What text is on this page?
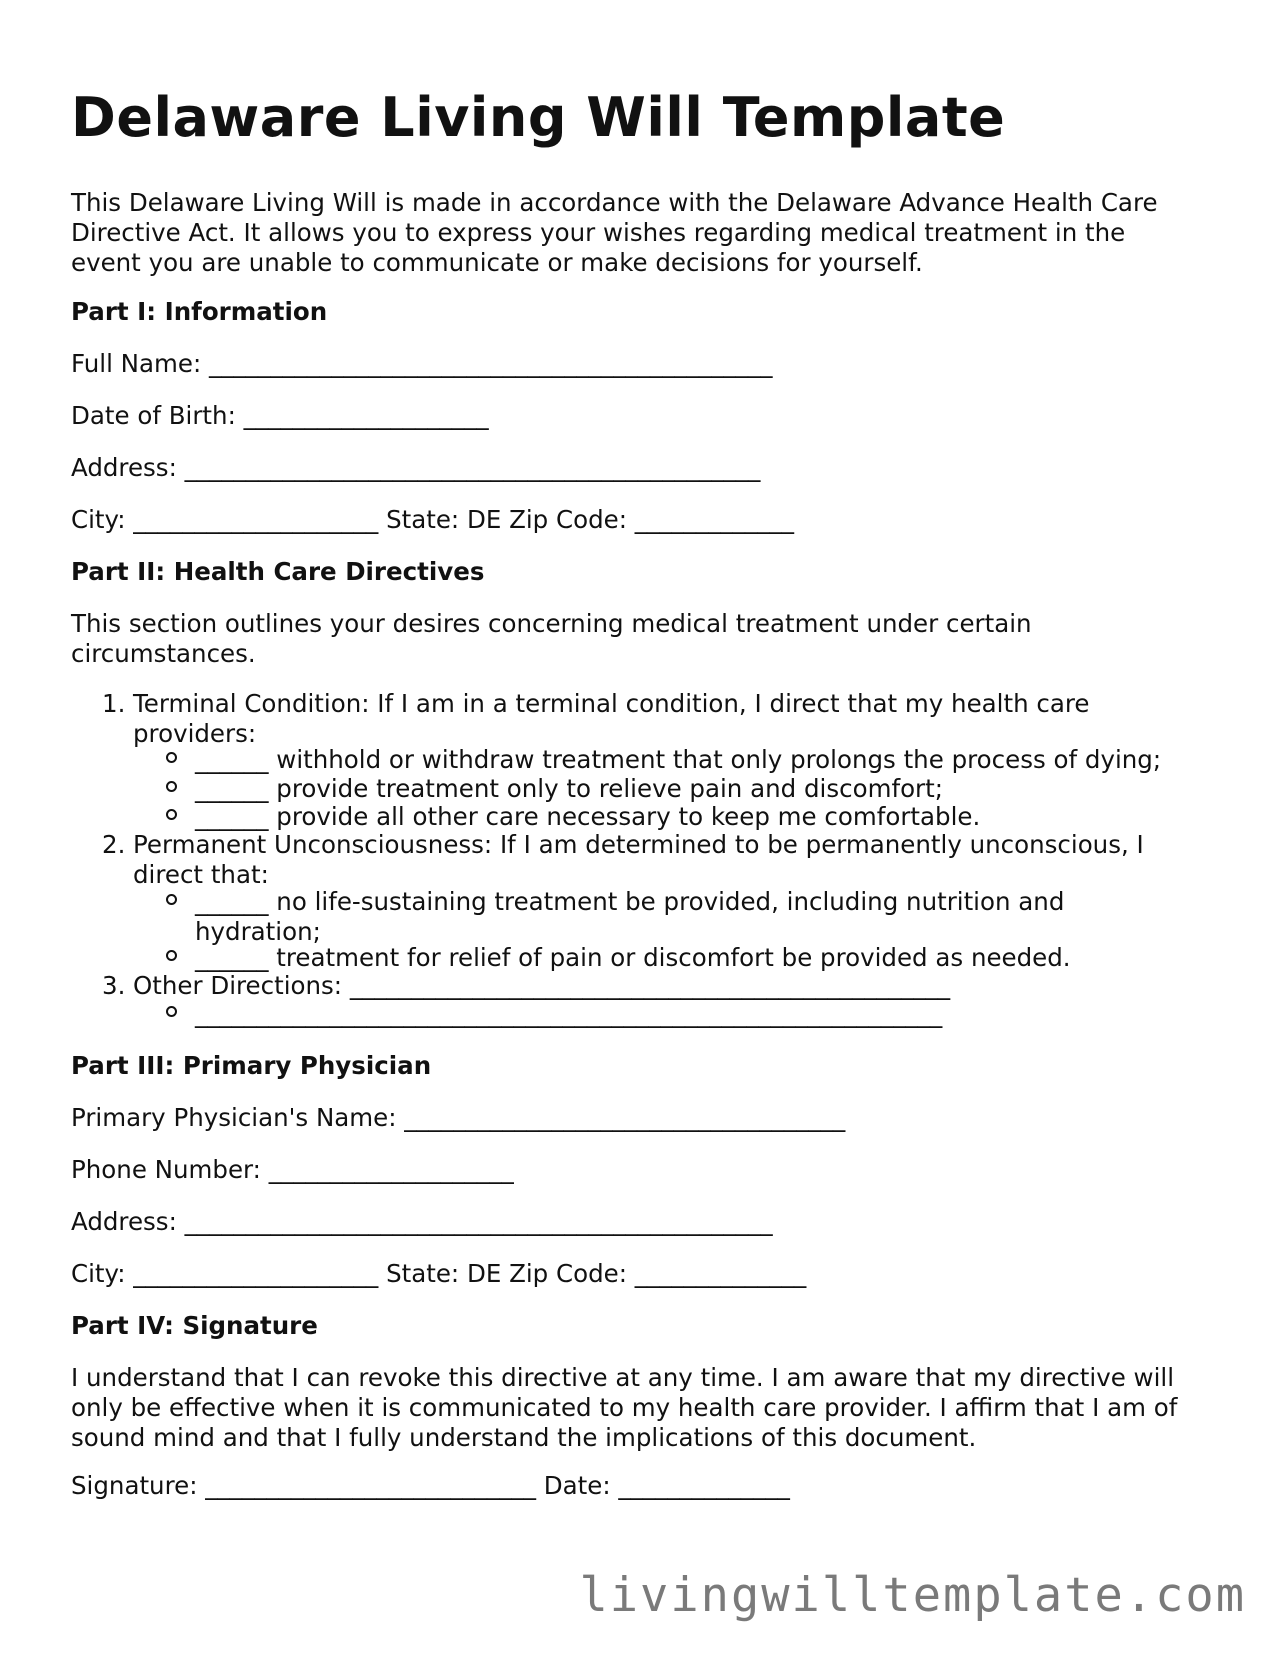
Delaware Living Will Template

This Delaware Living Will is made in accordance with the Delaware Advance Health Care Directive Act. It allows you to express your wishes regarding medical treatment in the event you are unable to communicate or make decisions for yourself.

Part I: Information
Full Name: ______________________________________________
Date of Birth: ____________________
Address: _______________________________________________
City: ____________________ State: DE Zip Code: _____________
Part II: Health Care Directives

This section outlines your desires concerning medical treatment under certain circumstances.

1. Terminal Condition: If I am in a terminal condition, I direct that my health care providers:
______ withhold or withdraw treatment that only prolongs the process of dying;
______ provide treatment only to relieve pain and discomfort;
______ provide all other care necessary to keep me comfortable.
2. Permanent Unconsciousness: If I am determined to be permanently unconscious, I direct that:
______ no life-sustaining treatment be provided, including nutrition and hydration;
______ treatment for relief of pain or discomfort be provided as needed.
3. Other Directions: _________________________________________________
_____________________________________________________________
Part III: Primary Physician
Primary Physician's Name: ____________________________________
Phone Number: ____________________
Address: ________________________________________________
City: ____________________ State: DE Zip Code: ______________
Part IV: Signature

I understand that I can revoke this directive at any time. I am aware that my directive will only be effective when it is communicated to my health care provider. I affirm that I am of sound mind and that I fully understand the implications of this document.

Signature: ___________________________ Date: ______________
livingwilltemplate.com
